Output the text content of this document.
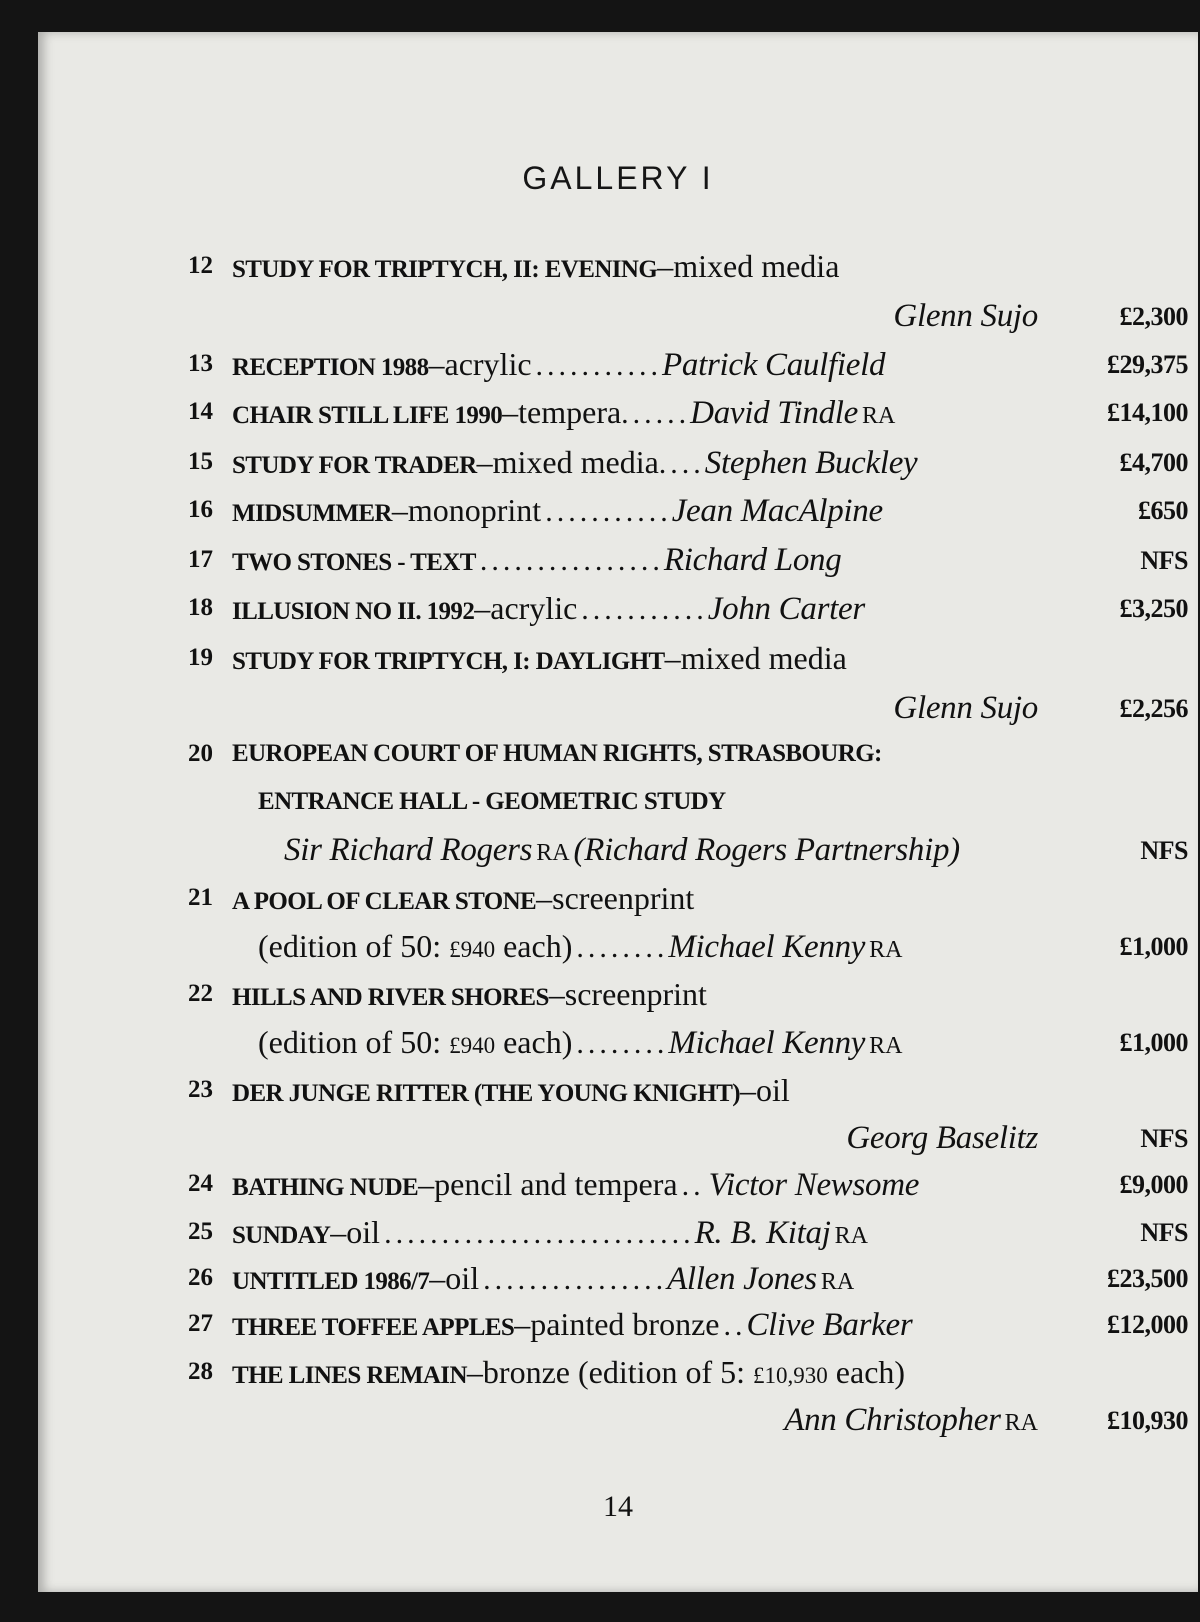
GALLERY I
12 STUDY FOR TRIPTYCH, II: EVENING–mixed media
Glenn Sujo	£2,300
13 RECEPTION 1988–acrylic ...........Patrick Caulfield	£29,375
14 CHAIR STILL LIFE 1990–tempera......David Tindle RA	£14,100
15 STUDY FOR TRADER–mixed media....Stephen Buckley	£4,700
16 MIDSUMMER–monoprint ...........Jean MacAlpine	£650
17 TWO STONES - TEXT ................Richard Long	NFS
18 ILLUSION NO II. 1992–acrylic ...........John Carter	£3,250
19 STUDY FOR TRIPTYCH, I: DAYLIGHT–mixed media
Glenn Sujo	£2,256
20 EUROPEAN COURT OF HUMAN RIGHTS, STRASBOURG:
ENTRANCE HALL - GEOMETRIC STUDY
Sir Richard Rogers RA (Richard Rogers Partnership)	NFS
21 A POOL OF CLEAR STONE–screenprint
(edition of 50: £940 each) ........Michael Kenny RA	£1,000
22 HILLS AND RIVER SHORES–screenprint
(edition of 50: £940 each) ........Michael Kenny RA	£1,000
23 DER JUNGE RITTER (THE YOUNG KNIGHT)–oil
Georg Baselitz	NFS
24 BATHING NUDE–pencil and tempera .. Victor Newsome	£9,000
25 SUNDAY–oil ...........................R. B. Kitaj RA	NFS
26 UNTITLED 1986/7–oil ................Allen Jones RA	£23,500
27 THREE TOFFEE APPLES–painted bronze ..Clive Barker	£12,000
28 THE LINES REMAIN–bronze (edition of 5: £10,930 each)
Ann Christopher RA	£10,930
14
